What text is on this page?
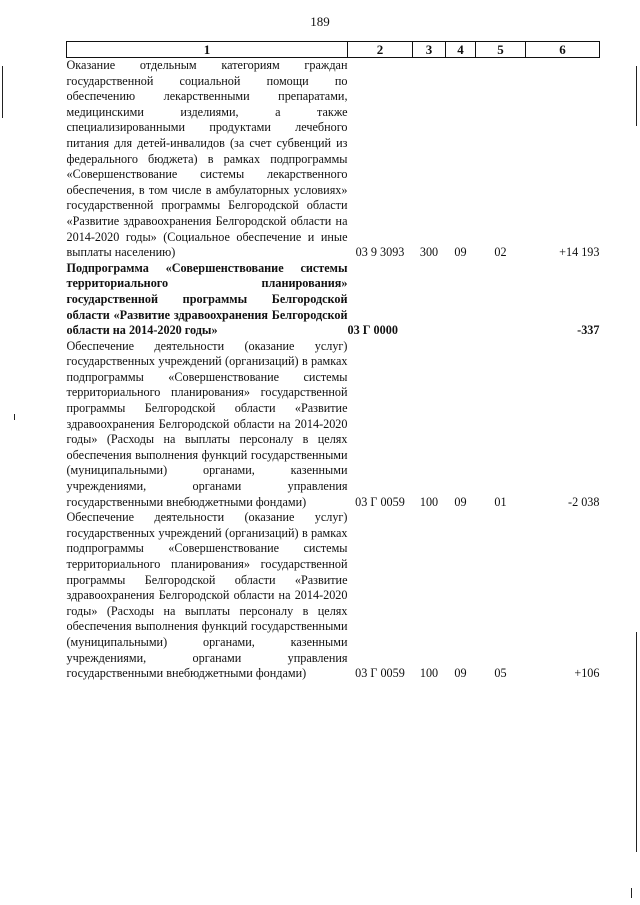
189
1	2	3	4	5	6
Оказание отдельным категориям граждан государственной социальной помощи по обеспечению лекарственными препаратами, медицинскими изделиями, а также специализированными продуктами лечебного питания для детей-инвалидов (за счет субвенций из федерального бюджета) в рамках подпрограммы «Совершенствование системы лекарственного обеспечения, в том числе в амбулаторных условиях» государственной программы Белгородской области «Развитие здравоохранения Белгородской области на 2014-2020 годы» (Социальное обеспечение и иные выплаты населению)	03 9 3093	300	09	02	+14 193
Подпрограмма «Совершенствование системы территориального планирования» государственной программы Белгородской области «Развитие здравоохранения Белгородской области на 2014-2020 годы»	03 Г 0000				-337
Обеспечение деятельности (оказание услуг) государственных учреждений (организаций) в рамках подпрограммы «Совершенствование системы территориального планирования» государственной программы Белгородской области «Развитие здравоохранения Белгородской области на 2014-2020 годы» (Расходы на выплаты персоналу в целях обеспечения выполнения функций государственными (муниципальными) органами, казенными учреждениями, органами управления государственными внебюджетными фондами)	03 Г 0059	100	09	01	-2 038
Обеспечение деятельности (оказание услуг) государственных учреждений (организаций) в рамках подпрограммы «Совершенствование системы территориального планирования» государственной программы Белгородской области «Развитие здравоохранения Белгородской области на 2014-2020 годы» (Расходы на выплаты персоналу в целях обеспечения выполнения функций государственными (муниципальными) органами, казенными учреждениями, органами управления государственными внебюджетными фондами)	03 Г 0059	100	09	05	+106
